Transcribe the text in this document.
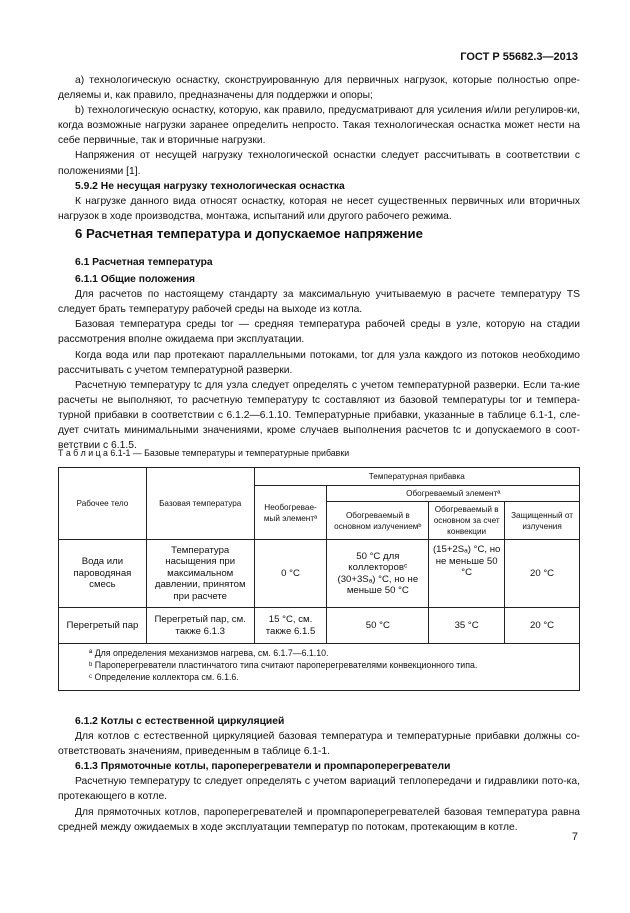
ГОСТ Р 55682.3—2013

а) технологическую оснастку, сконструированную для первичных нагрузок, которые полностью опре-деляемы и, как правило, предназначены для поддержки и опоры;

b) технологическую оснастку, которую, как правило, предусматривают для усиления и/или регулиров-ки, когда возможные нагрузки заранее определить непросто. Такая технологическая оснастка может нести на себе первичные, так и вторичные нагрузки.

Напряжения от несущей нагрузку технологической оснастки следует рассчитывать в соответствии с положениями [1].

5.9.2 Не несущая нагрузку технологическая оснастка

К нагрузке данного вида относят оснастку, которая не несет существенных первичных или вторичных нагрузок в ходе производства, монтажа, испытаний или другого рабочего режима.

6 Расчетная температура и допускаемое напряжение

6.1 Расчетная температура

6.1.1 Общие положения

Для расчетов по настоящему стандарту за максимальную учитываемую в расчете температуру TS следует брать температуру рабочей среды на выходе из котла.

Базовая температура среды tor — средняя температура рабочей среды в узле, которую на стадии рассмотрения вполне ожидаема при эксплуатации.

Когда вода или пар протекают параллельными потоками, tor для узла каждого из потоков необходимо рассчитывать с учетом температурной разверки.

Расчетную температуру tc для узла следует определять с учетом температурной разверки. Если та-кие расчеты не выполняют, то расчетную температуру tc составляют из базовой температуры tor и темпера-турной прибавки в соответствии с 6.1.2—6.1.10. Температурные прибавки, указанные в таблице 6.1-1, сле-дует считать минимальными значениями, кроме случаев выполнения расчетов tc и допускаемого в соот-ветствии с 6.1.5.

Т а б л и ц а 6.1-1 — Базовые температуры и температурные прибавки
Рабочее тело	Базовая температура	Температурная прибавка			
		Необогревае-мый элементª	Обогреваемый элементª		
			Обогреваемый в основном излучениемᵇ	Обогреваемый в основном за счет конвекции	Защищенный от излучения
Вода или пароводяная смесь	Температура насыщения при максимальном давлении, принятом при расчете	0 °C	50 °C для коллекторовᶜ (30+3Sₐ) °C, но не меньше 50 °C	(15+2Sₐ) °C, но не меньше 50 °C	20 °C
Перегретый пар	Перегретый пар, см. также 6.1.3	15 °C, см. также 6.1.5	50 °C	35 °C	20 °C

ª Для определения механизмов нагрева, см. 6.1.7—6.1.10.
ᵇ Пароперегреватели пластинчатого типа считают пароперегревателями конвекционного типа.
ᶜ Определение коллектора см. 6.1.6.					

6.1.2 Котлы с естественной циркуляцией

Для котлов с естественной циркуляцией базовая температура и температурные прибавки должны со-ответствовать значениям, приведенным в таблице 6.1-1.

6.1.3 Прямоточные котлы, пароперегреватели и промпароперегреватели

Расчетную температуру tc следует определять с учетом вариаций теплопередачи и гидравлики пото-ка, протекающего в котле.

Для прямоточных котлов, пароперегревателей и промпароперегревателей базовая температура равна средней между ожидаемых в ходе эксплуатации температур по потокам, протекающим в котле.

7
